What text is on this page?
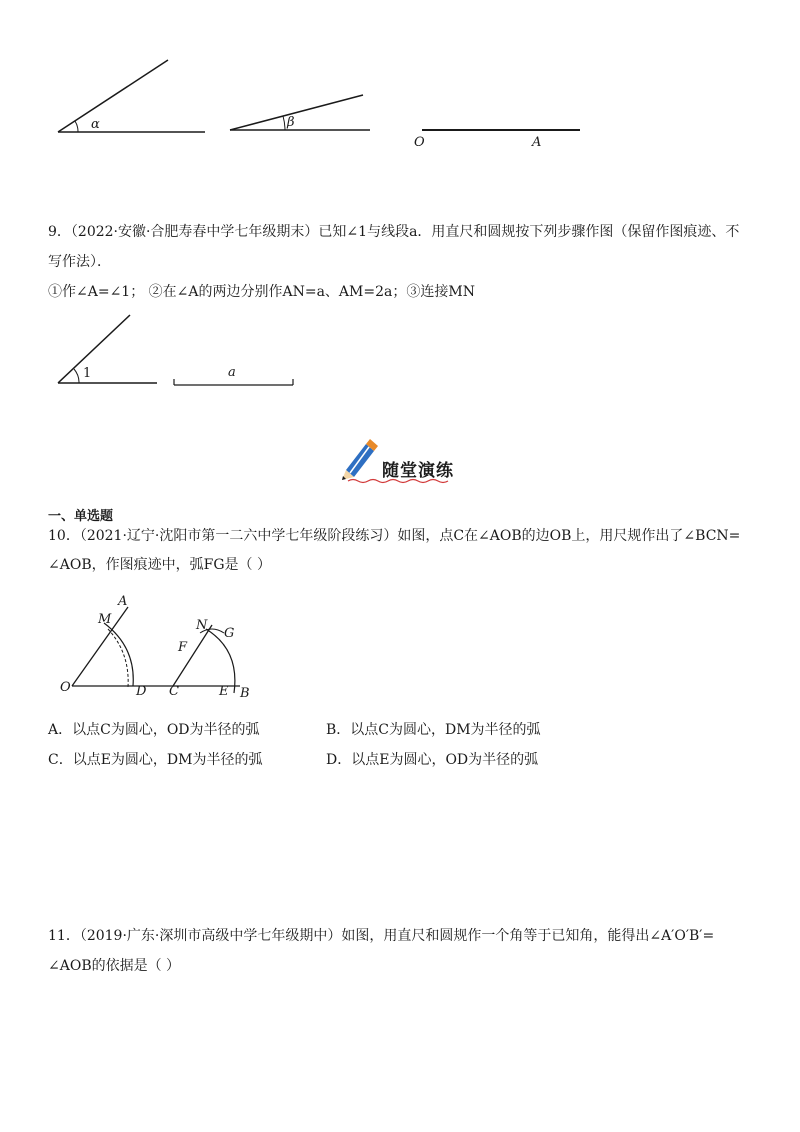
α	β
O	A
9．（2022·安徽·合肥寿春中学七年级期末）已知∠1与线段a．用直尺和圆规按下列步骤作图（保留作图痕迹、不
写作法）．
①作∠A=∠1； ②在∠A的两边分别作AN=a、AM=2a；③连接MN
1	a
随堂演练
一、单选题
10．（2021·辽宁·沈阳市第一二六中学七年级阶段练习）如图，点C在∠AOB的边OB上，用尺规作出了∠BCN=
∠AOB，作图痕迹中，弧FG是（ ）
A
M	N
G
F
O	D C	E B
A．以点C为圆心，OD为半径的弧	B．以点C为圆心，DM为半径的弧
C．以点E为圆心，DM为半径的弧	D．以点E为圆心，OD为半径的弧
11．（2019·广东·深圳市高级中学七年级期中）如图，用直尺和圆规作一个角等于已知角，能得出∠A′O′B′=
∠AOB的依据是（ ）
